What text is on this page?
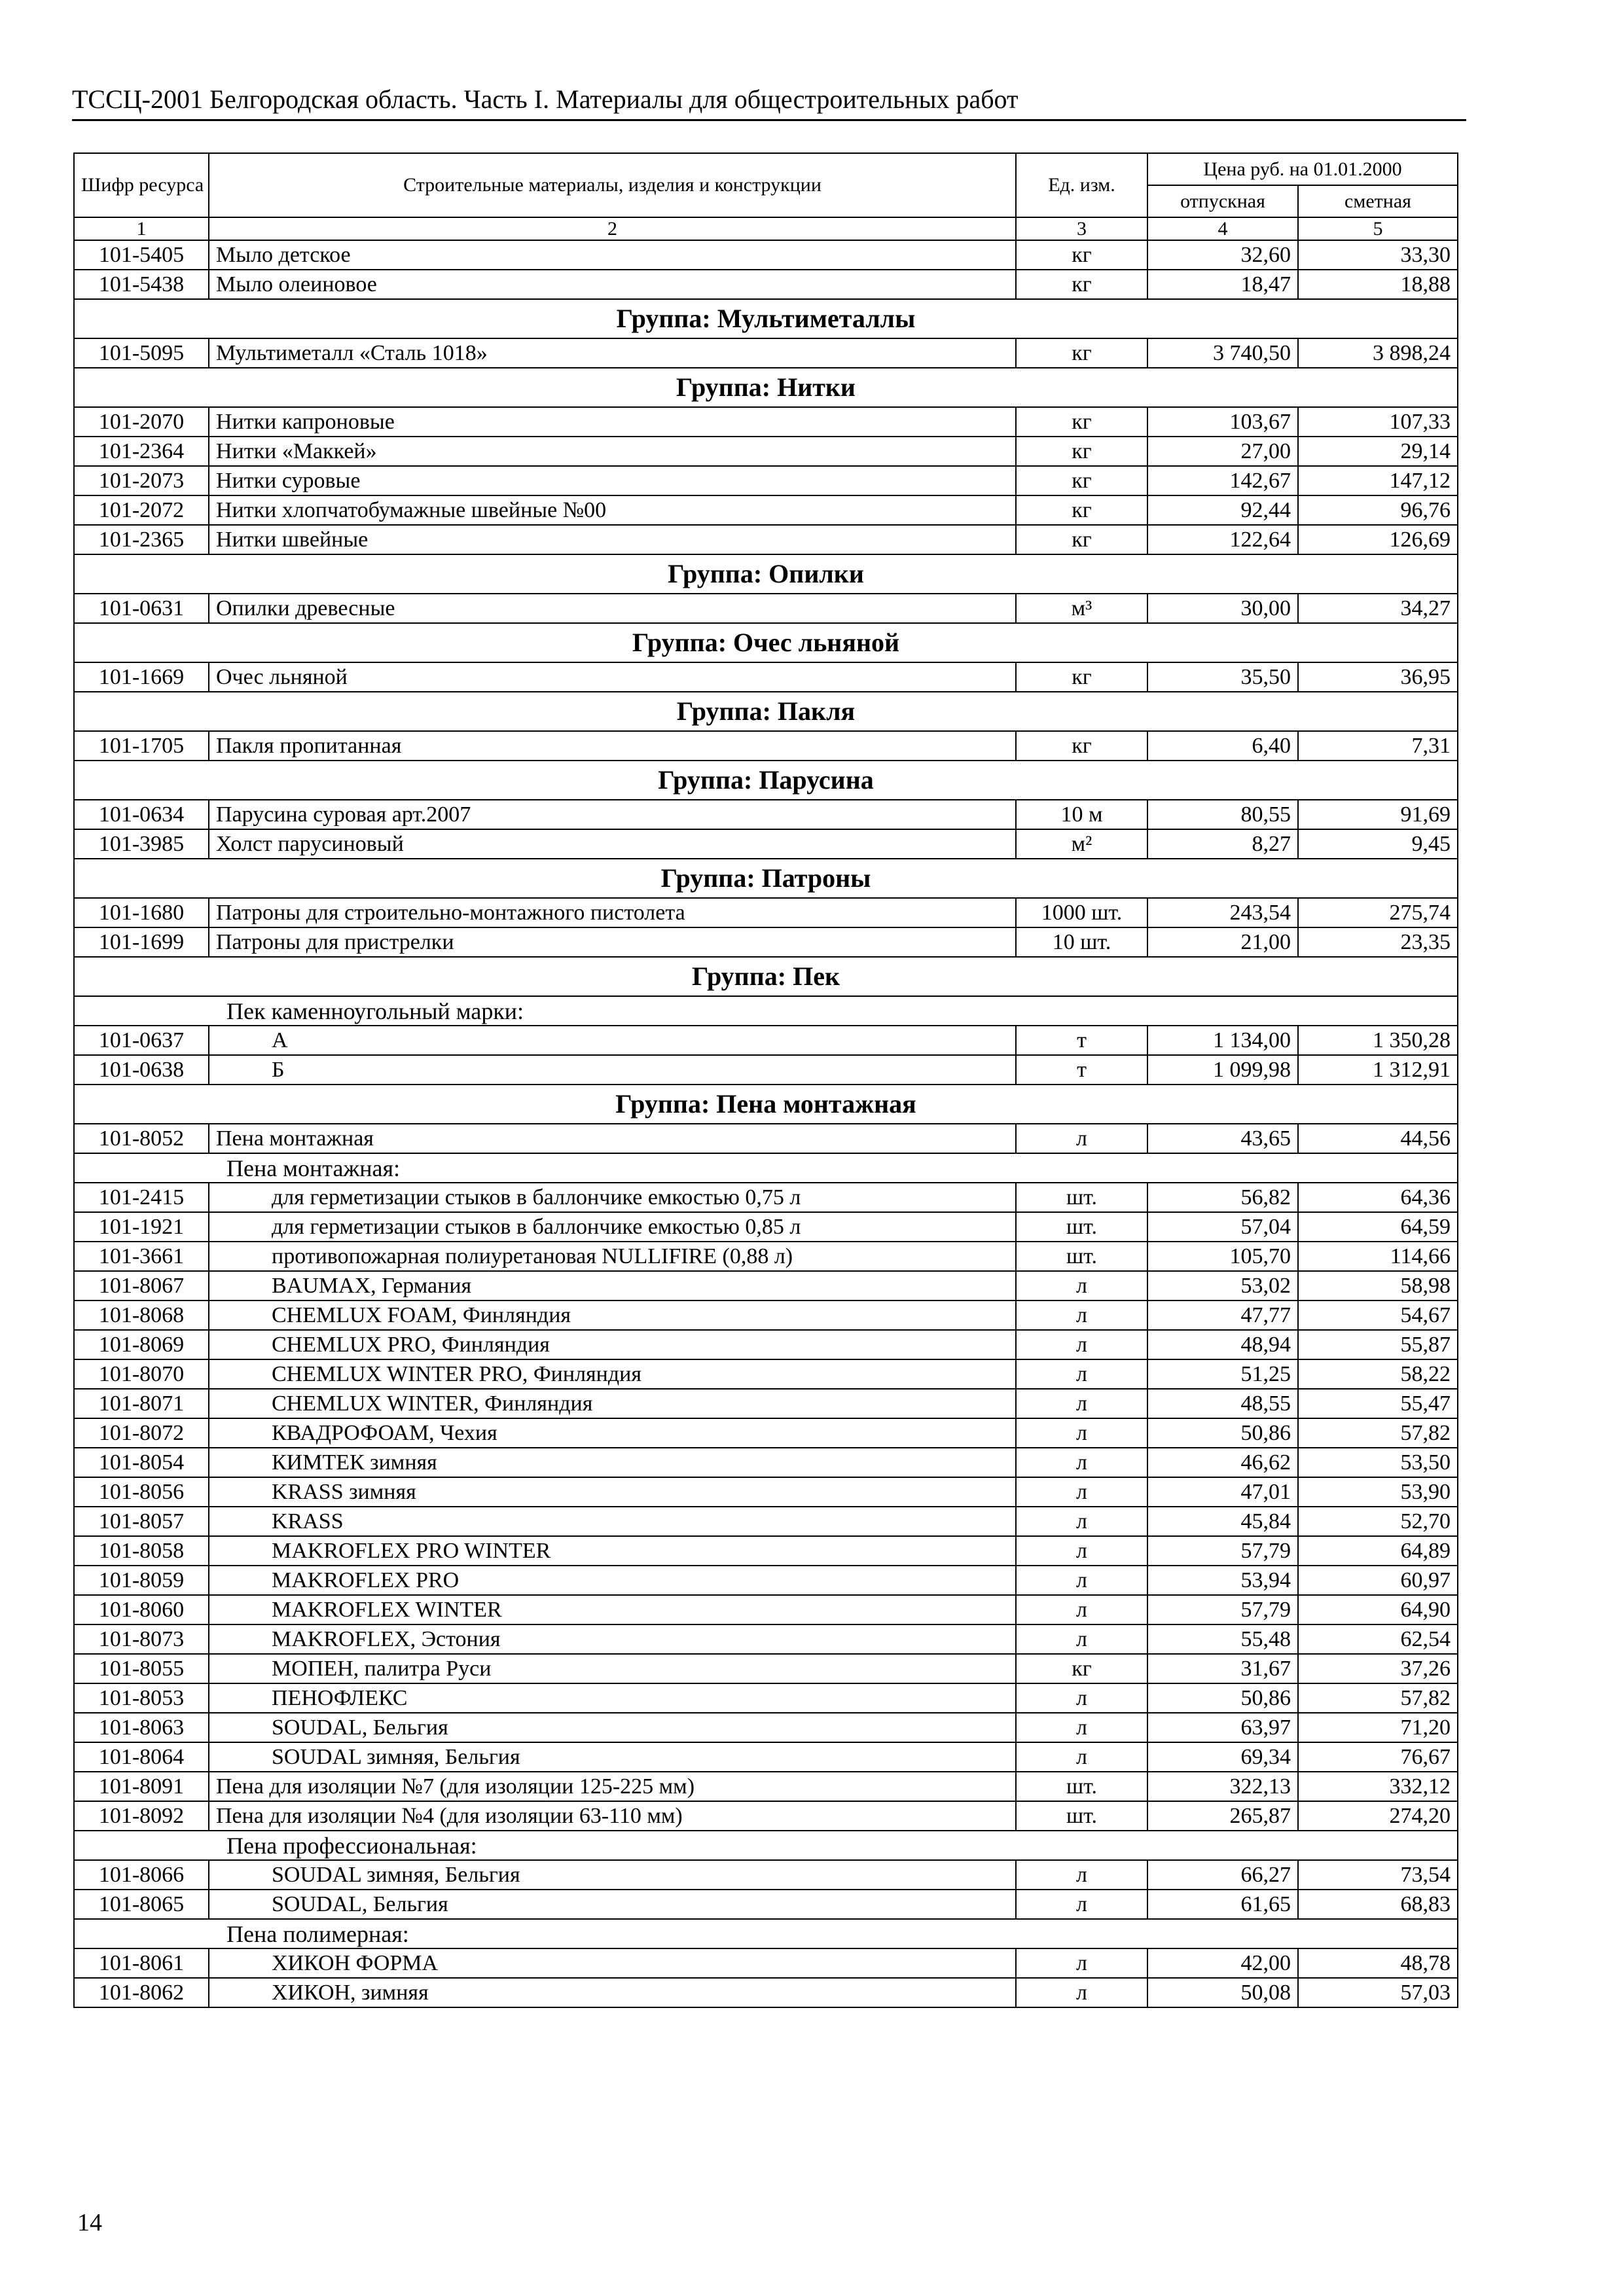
ТССЦ-2001 Белгородская область. Часть I. Материалы для общестроительных работ
Шифр ресурса	Строительные материалы, изделия и конструкции	Ед. изм.	Цена руб. на 01.01.2000	
			отпускная	сметная
1	2	3	4	5
101-5405	Мыло детское	кг	32,60	33,30
101-5438	Мыло олеиновое	кг	18,47	18,88
Группа: Мультиметаллы				
101-5095	Мультиметалл «Сталь 1018»	кг	3 740,50	3 898,24
Группа: Нитки				
101-2070	Нитки капроновые	кг	103,67	107,33
101-2364	Нитки «Маккей»	кг	27,00	29,14
101-2073	Нитки суровые	кг	142,67	147,12
101-2072	Нитки хлопчатобумажные швейные №00	кг	92,44	96,76
101-2365	Нитки швейные	кг	122,64	126,69
Группа: Опилки				
101-0631	Опилки древесные	м³	30,00	34,27
Группа: Очес льняной				
101-1669	Очес льняной	кг	35,50	36,95
Группа: Пакля				
101-1705	Пакля пропитанная	кг	6,40	7,31
Группа: Парусина				
101-0634	Парусина суровая арт.2007	10 м	80,55	91,69
101-3985	Холст парусиновый	м²	8,27	9,45
Группа: Патроны				
101-1680	Патроны для строительно-монтажного пистолета	1000 шт.	243,54	275,74
101-1699	Патроны для пристрелки	10 шт.	21,00	23,35
Группа: Пек				
Пек каменноугольный марки:				
101-0637	А	т	1 134,00	1 350,28
101-0638	Б	т	1 099,98	1 312,91
Группа: Пена монтажная				
101-8052	Пена монтажная	л	43,65	44,56
Пена монтажная:				
101-2415	для герметизации стыков в баллончике емкостью 0,75 л	шт.	56,82	64,36
101-1921	для герметизации стыков в баллончике емкостью 0,85 л	шт.	57,04	64,59
101-3661	противопожарная полиуретановая NULLIFIRE (0,88 л)	шт.	105,70	114,66
101-8067	BAUMAX, Германия	л	53,02	58,98
101-8068	CHEMLUX FOAM, Финляндия	л	47,77	54,67
101-8069	CHEMLUX PRO, Финляндия	л	48,94	55,87
101-8070	CHEMLUX WINTER PRO, Финляндия	л	51,25	58,22
101-8071	CHEMLUX WINTER, Финляндия	л	48,55	55,47
101-8072	КВАДРОФОАМ, Чехия	л	50,86	57,82
101-8054	КИМТЕК зимняя	л	46,62	53,50
101-8056	KRASS зимняя	л	47,01	53,90
101-8057	KRASS	л	45,84	52,70
101-8058	MAKROFLEX PRO WINTER	л	57,79	64,89
101-8059	MAKROFLEX PRO	л	53,94	60,97
101-8060	MAKROFLEX WINTER	л	57,79	64,90
101-8073	MAKROFLEX, Эстония	л	55,48	62,54
101-8055	МОПЕН, палитра Руси	кг	31,67	37,26
101-8053	ПЕНОФЛЕКС	л	50,86	57,82
101-8063	SOUDAL, Бельгия	л	63,97	71,20
101-8064	SOUDAL зимняя, Бельгия	л	69,34	76,67
101-8091	Пена для изоляции №7 (для изоляции 125-225 мм)	шт.	322,13	332,12
101-8092	Пена для изоляции №4 (для изоляции 63-110 мм)	шт.	265,87	274,20
Пена профессиональная:				
101-8066	SOUDAL зимняя, Бельгия	л	66,27	73,54
101-8065	SOUDAL, Бельгия	л	61,65	68,83
Пена полимерная:				
101-8061	ХИКОН ФОРМА	л	42,00	48,78
101-8062	ХИКОН, зимняя	л	50,08	57,03
14
